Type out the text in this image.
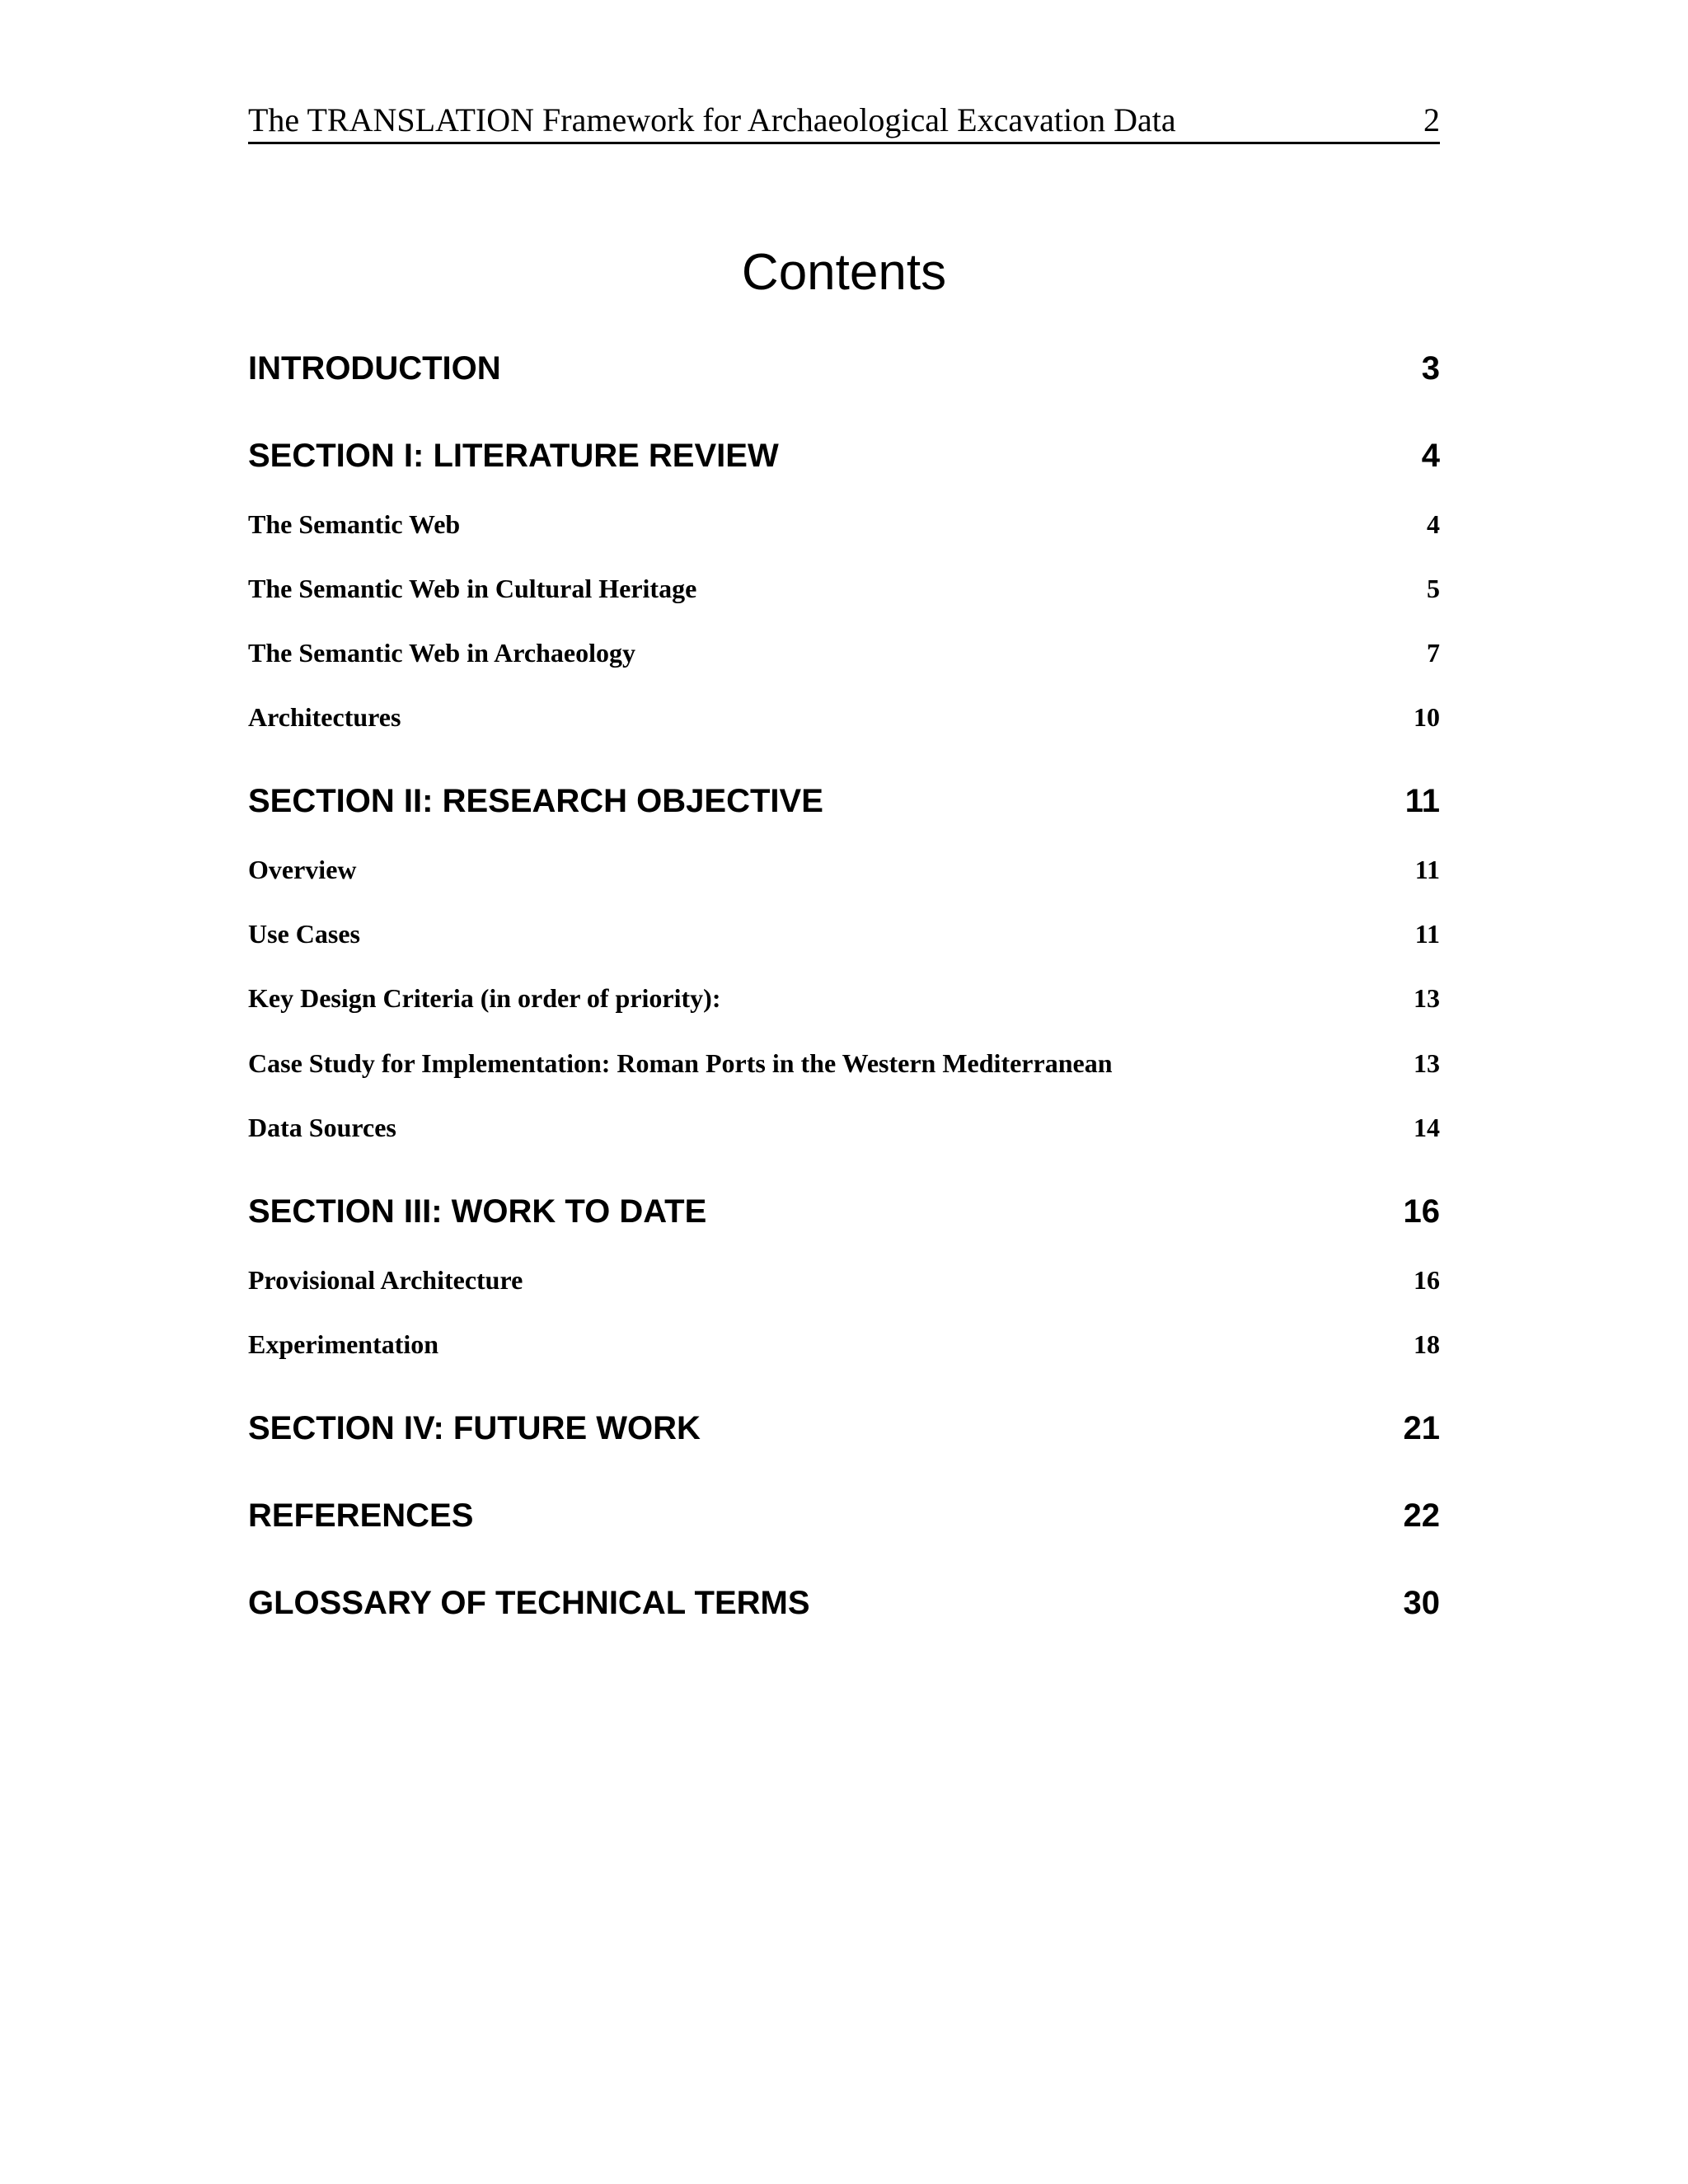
The TRANSLATION Framework for Archaeological Excavation Data	2
Contents
INTRODUCTION	3
SECTION I: LITERATURE REVIEW	4
The Semantic Web	4
The Semantic Web in Cultural Heritage	5
The Semantic Web in Archaeology	7
Architectures	10
SECTION II: RESEARCH OBJECTIVE	11
Overview	11
Use Cases	11
Key Design Criteria (in order of priority):	13
Case Study for Implementation: Roman Ports in the Western Mediterranean	13
Data Sources	14
SECTION III: WORK TO DATE	16
Provisional Architecture	16
Experimentation	18
SECTION IV: FUTURE WORK	21
REFERENCES	22
GLOSSARY OF TECHNICAL TERMS	30
